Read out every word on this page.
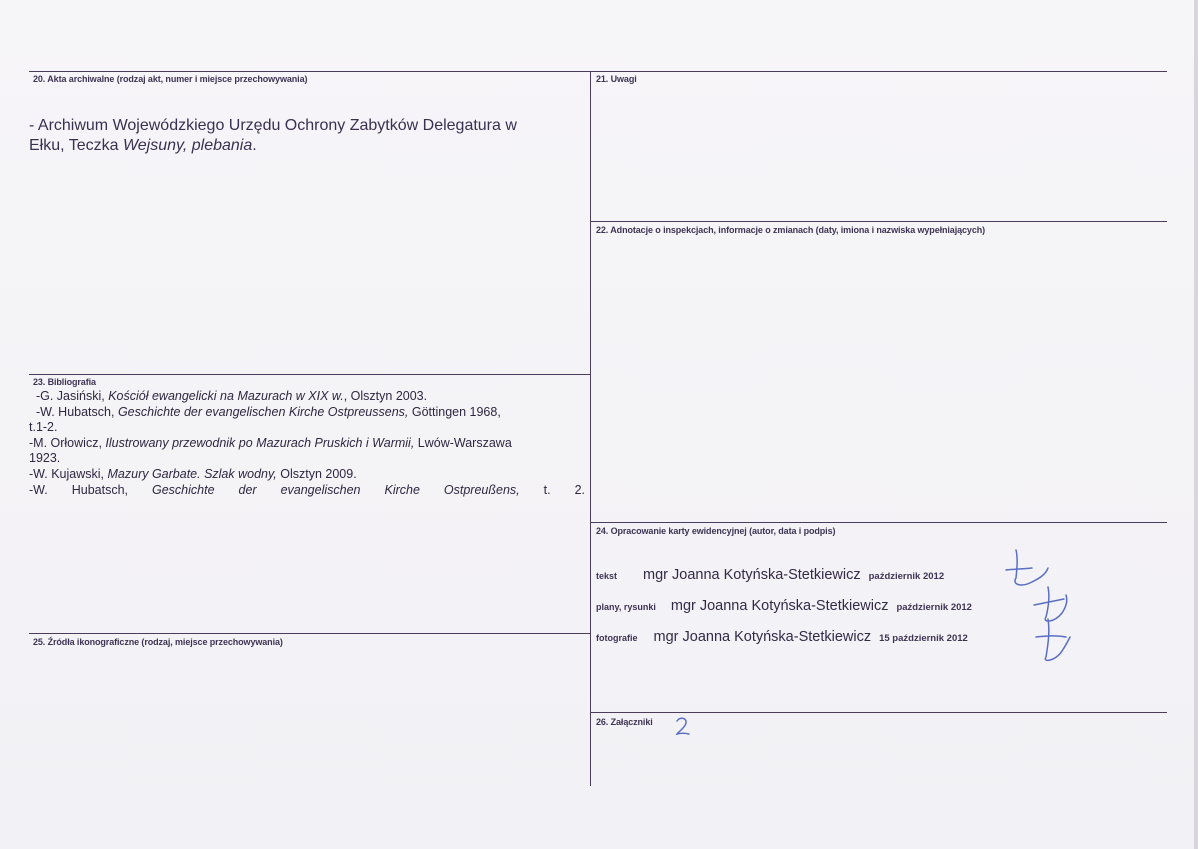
20. Akta archiwalne (rodzaj akt, numer i miejsce przechowywania)
- Archiwum Wojewódzkiego Urzędu Ochrony Zabytków Delegatura w
Ełku, Teczka Wejsuny, plebania.
21. Uwagi
22. Adnotacje o inspekcjach, informacje o zmianach (daty, imiona i nazwiska wypełniających)
23. Bibliografia
-G. Jasiński, Kościół ewangelicki na Mazurach w XIX w., Olsztyn 2003.
-W. Hubatsch, Geschichte der evangelischen Kirche Ostpreussens, Göttingen 1968,
t.1-2.
-M. Orłowicz, Ilustrowany przewodnik po Mazurach Pruskich i Warmii, Lwów-Warszawa
1923.
-W. Kujawski, Mazury Garbate. Szlak wodny, Olsztyn 2009.
-W. Hubatsch, Geschichte der evangelischen Kirche Ostpreußens, t. 2.
24. Opracowanie karty ewidencyjnej (autor, data i podpis)
tekst mgr Joanna Kotyńska-Stetkiewicz październik 2012
plany, rysunki mgr Joanna Kotyńska-Stetkiewicz październik 2012
fotografie mgr Joanna Kotyńska-Stetkiewicz 15 październik 2012
25. Źródła ikonograficzne (rodzaj, miejsce przechowywania)
26. Załączniki
